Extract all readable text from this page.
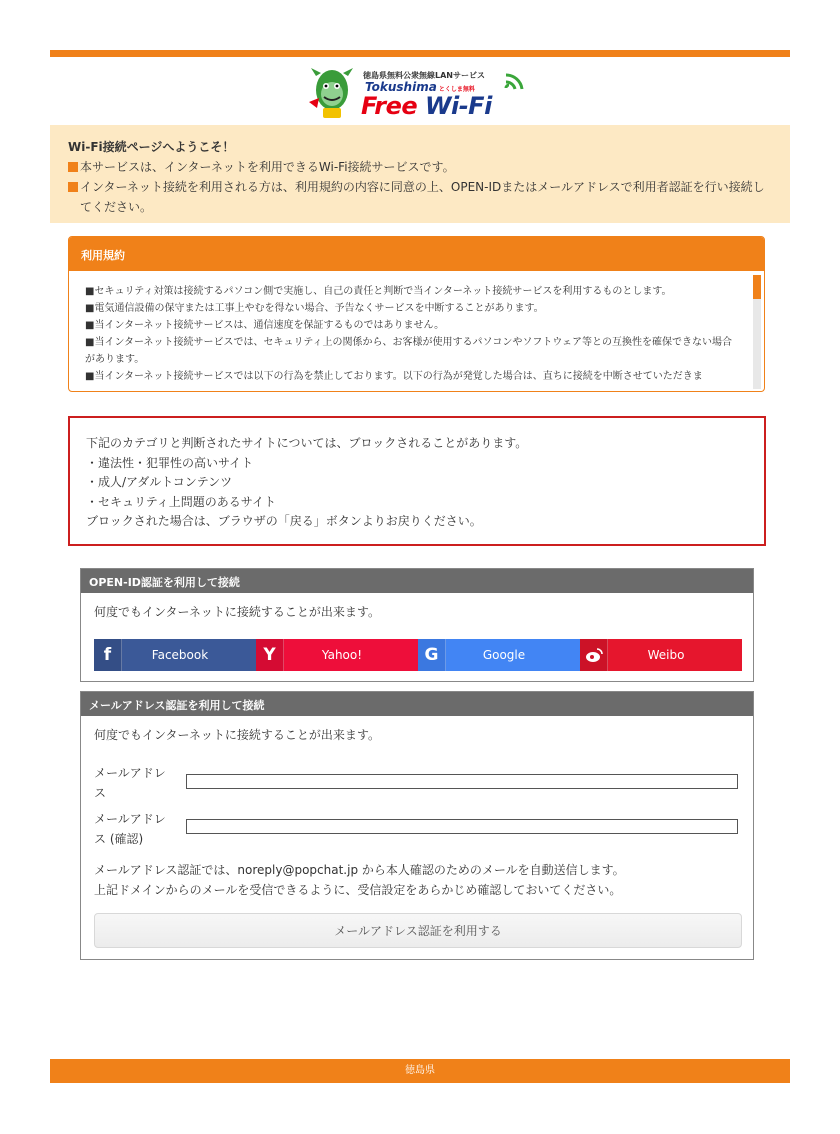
徳島県無料公衆無線LANサービス
Tokushima とくしま無料
Free Wi-Fi
Wi-Fi接続ページへようこそ！
本サービスは、インターネットを利用できるWi-Fi接続サービスです。
インターネット接続を利用される方は、利用規約の内容に同意の上、OPEN-IDまたはメールアドレスで利用者認証を行い接続してください。
利用規約
■セキュリティ対策は接続するパソコン側で実施し、自己の責任と判断で当インターネット接続サービスを利用するものとします。
■電気通信設備の保守または工事上やむを得ない場合、予告なくサービスを中断することがあります。
■当インターネット接続サービスは、通信速度を保証するものではありません。
■当インターネット接続サービスでは、セキュリティ上の関係から、お客様が使用するパソコンやソフトウェア等との互換性を確保できない場合があります。
■当インターネット接続サービスでは以下の行為を禁止しております。以下の行為が発覚した場合は、直ちに接続を中断させていただきま
下記のカテゴリと判断されたサイトについては、ブロックされることがあります。
・違法性・犯罪性の高いサイト
・成人/アダルトコンテンツ
・セキュリティ上問題のあるサイト
ブロックされた場合は、ブラウザの「戻る」ボタンよりお戻りください。
OPEN-ID認証を利用して接続
何度でもインターネットに接続することが出来ます。
f	Facebook	Y	Yahoo!	G	Google	Weibo
メールアドレス認証を利用して接続
何度でもインターネットに接続することが出来ます。
メールアドレス
メールアドレス (確認)
メールアドレス認証では、noreply@popchat.jp から本人確認のためのメールを自動送信します。
上記ドメインからのメールを受信できるように、受信設定をあらかじめ確認しておいてください。
メールアドレス認証を利用する
徳島県
